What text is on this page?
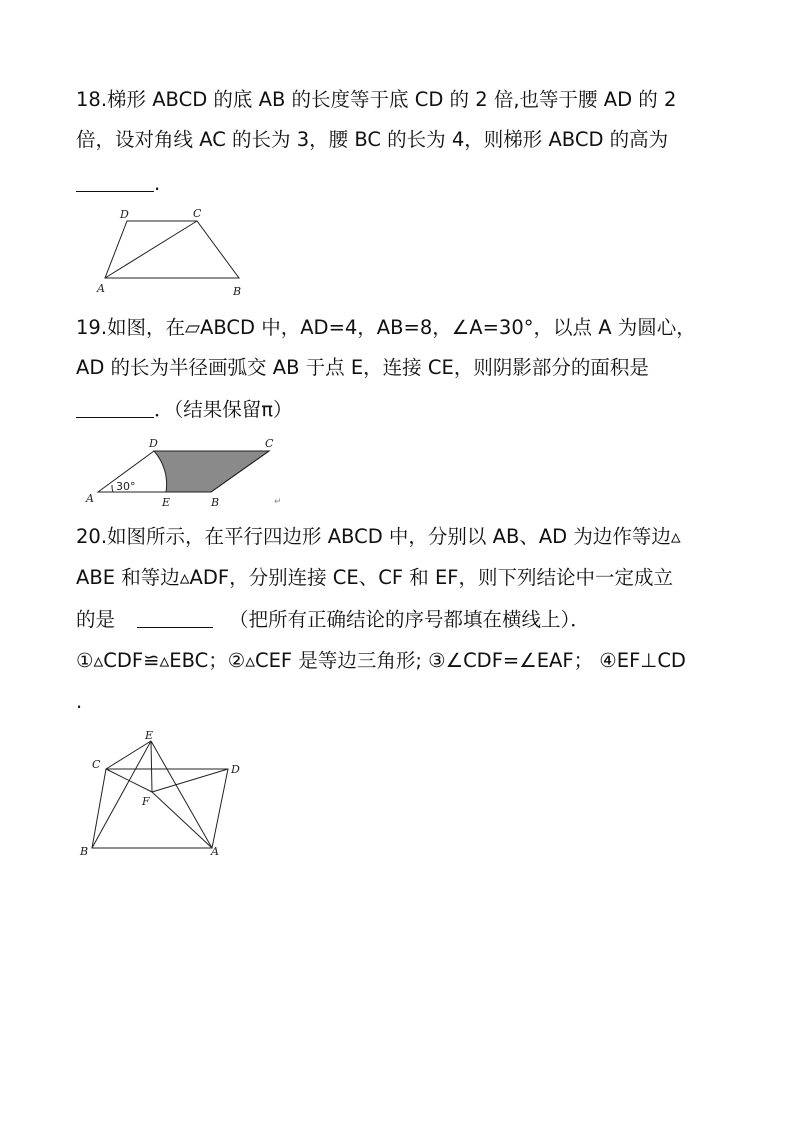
18.梯形 ABCD 的底 AB 的长度等于底 CD 的 2 倍,也等于腰 AD 的 2
倍，设对角线 AC 的长为 3，腰 BC 的长为 4，则梯形 ABCD 的高为
.
D	C
A	B
19.如图，在▱ABCD 中，AD=4，AB=8，∠A=30°，以点 A 为圆心，
AD 的长为半径画弧交 AB 于点 E，连接 CE，则阴影部分的面积是
．（结果保留π）
D	C
A
30°
E	B	↵
20.如图所示，在平行四边形 ABCD 中，分别以 AB、AD 为边作等边▵
ABE 和等边▵ADF，分别连接 CE、CF 和 EF，则下列结论中一定成立
的是	（把所有正确结论的序号都填在横线上）．
①▵CDF≌▵EBC；②▵CEF 是等边三角形; ③∠CDF=∠EAF； ④EF⊥CD
.
E
C	D
F
B	A
